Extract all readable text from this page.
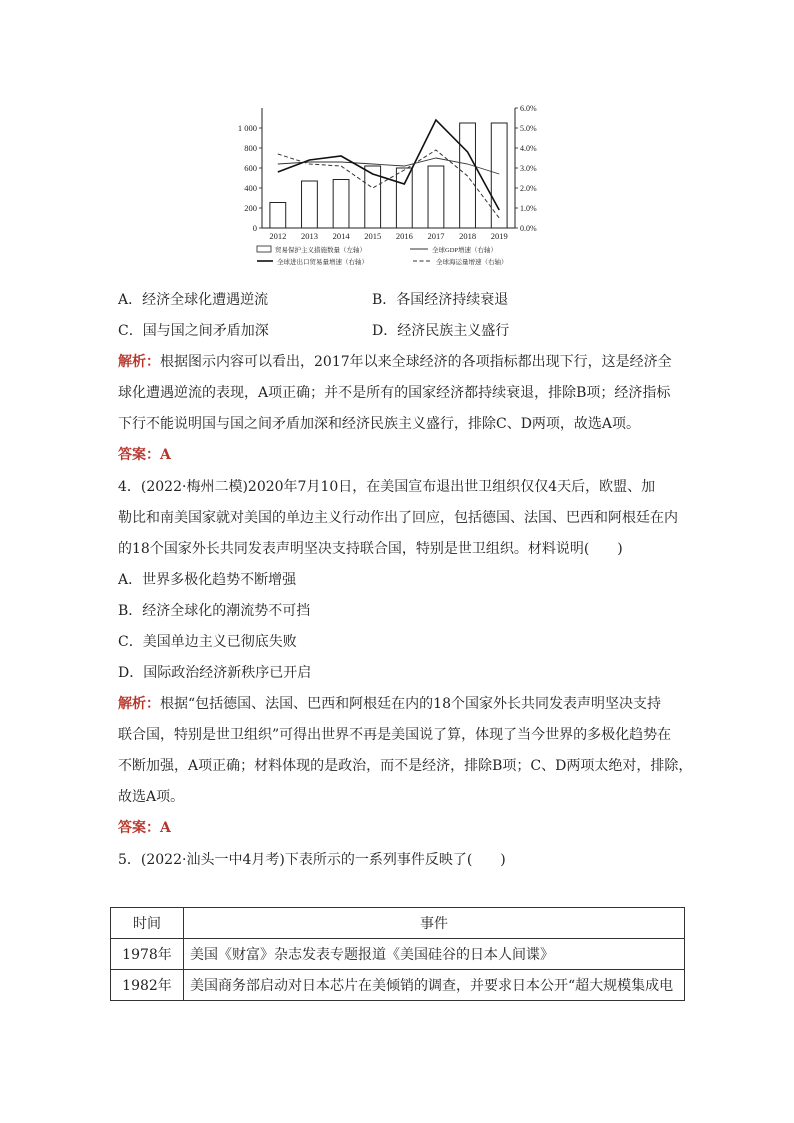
0
200
400
600
800
1 000
0.0%
1.0%
2.0%
3.0%
4.0%
5.0%
6.0%
2012 2013 2014 2015 2016 2017 2018 2019
贸易保护主义措施数量（左轴）	全球GDP增速（右轴）
全球进出口贸易量增速（右轴）	全球海运量增速（右轴）
A．经济全球化遭遇逆流	B．各国经济持续衰退
C．国与国之间矛盾加深	D．经济民族主义盛行
解析：根据图示内容可以看出，2017年以来全球经济的各项指标都出现下行，这是经济全
球化遭遇逆流的表现，A项正确；并不是所有的国家经济都持续衰退，排除B项；经济指标
下行不能说明国与国之间矛盾加深和经济民族主义盛行，排除C、D两项，故选A项。
答案：A
4．(2022·梅州二模)2020年7月10日，在美国宣布退出世卫组织仅仅4天后，欧盟、加
勒比和南美国家就对美国的单边主义行动作出了回应，包括德国、法国、巴西和阿根廷在内
的18个国家外长共同发表声明坚决支持联合国，特别是世卫组织。材料说明(　　)
A．世界多极化趋势不断增强
B．经济全球化的潮流势不可挡
C．美国单边主义已彻底失败
D．国际政治经济新秩序已开启
解析：根据“包括德国、法国、巴西和阿根廷在内的18个国家外长共同发表声明坚决支持
联合国，特别是世卫组织”可得出世界不再是美国说了算，体现了当今世界的多极化趋势在
不断加强，A项正确；材料体现的是政治，而不是经济，排除B项；C、D两项太绝对，排除，
故选A项。
答案：A
5．(2022·汕头一中4月考)下表所示的一系列事件反映了(　　)
时间	事件
1978年	美国《财富》杂志发表专题报道《美国硅谷的日本人间谍》
1982年	美国商务部启动对日本芯片在美倾销的调查，并要求日本公开“超大规模集成电
